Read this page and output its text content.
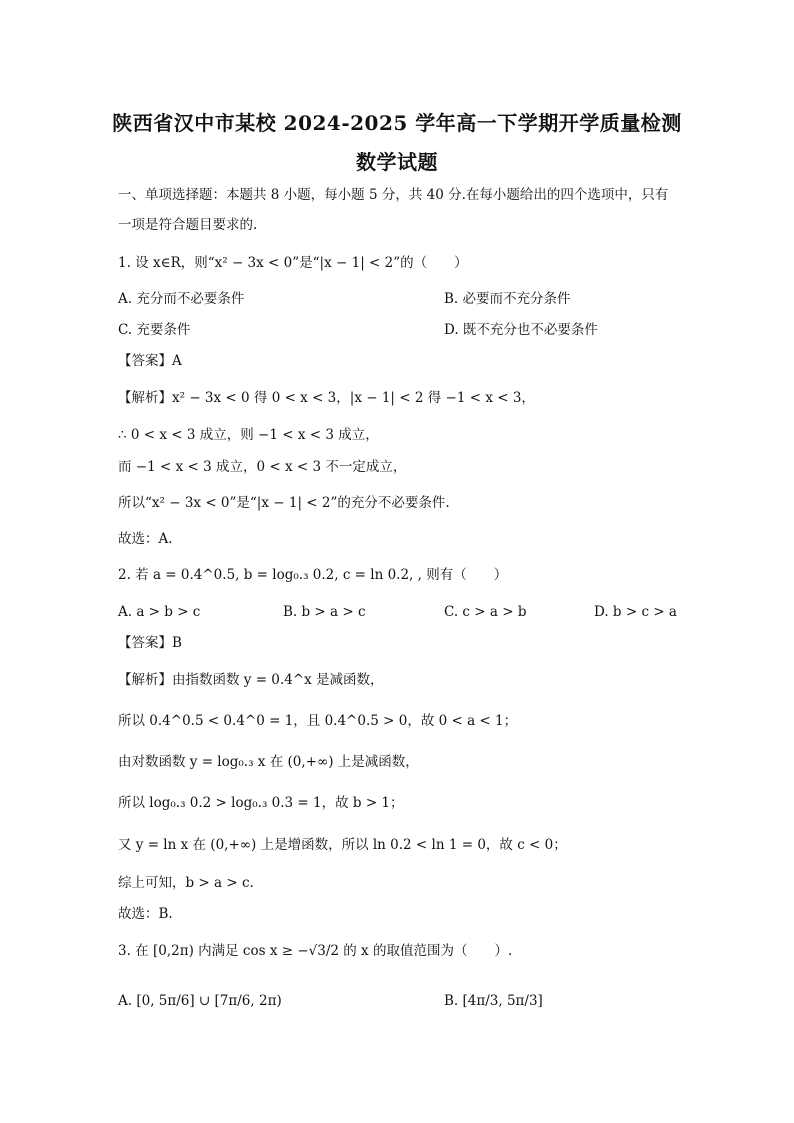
陕西省汉中市某校 2024-2025 学年高一下学期开学质量检测
数学试题
一、单项选择题：本题共 8 小题，每小题 5 分，共 40 分.在每小题给出的四个选项中，只有
一项是符合题目要求的.
1. 设 x∈R，则“x² − 3x < 0”是“|x − 1| < 2”的（　　）
A. 充分而不必要条件	B. 必要而不充分条件
C. 充要条件	D. 既不充分也不必要条件
【答案】A
【解析】x² − 3x < 0 得 0 < x < 3，|x − 1| < 2 得 −1 < x < 3，
∴ 0 < x < 3 成立，则 −1 < x < 3 成立，
而 −1 < x < 3 成立，0 < x < 3 不一定成立，
所以“x² − 3x < 0”是“|x − 1| < 2”的充分不必要条件.
故选：A.
2. 若 a = 0.4^0.5, b = log₀.₃ 0.2, c = ln 0.2, , 则有（　　）
A. a > b > c	B. b > a > c	C. c > a > b	D. b > c > a
【答案】B
【解析】由指数函数 y = 0.4^x 是减函数，
所以 0.4^0.5 < 0.4^0 = 1，且 0.4^0.5 > 0，故 0 < a < 1；
由对数函数 y = log₀.₃ x 在 (0,+∞) 上是减函数，
所以 log₀.₃ 0.2 > log₀.₃ 0.3 = 1，故 b > 1；
又 y = ln x 在 (0,+∞) 上是增函数，所以 ln 0.2 < ln 1 = 0，故 c < 0；
综上可知，b > a > c.
故选：B.
3. 在 [0,2π) 内满足 cos x ≥ −√3/2 的 x 的取值范围为（　　）.
A. [0, 5π/6] ∪ [7π/6, 2π)	B. [4π/3, 5π/3]
